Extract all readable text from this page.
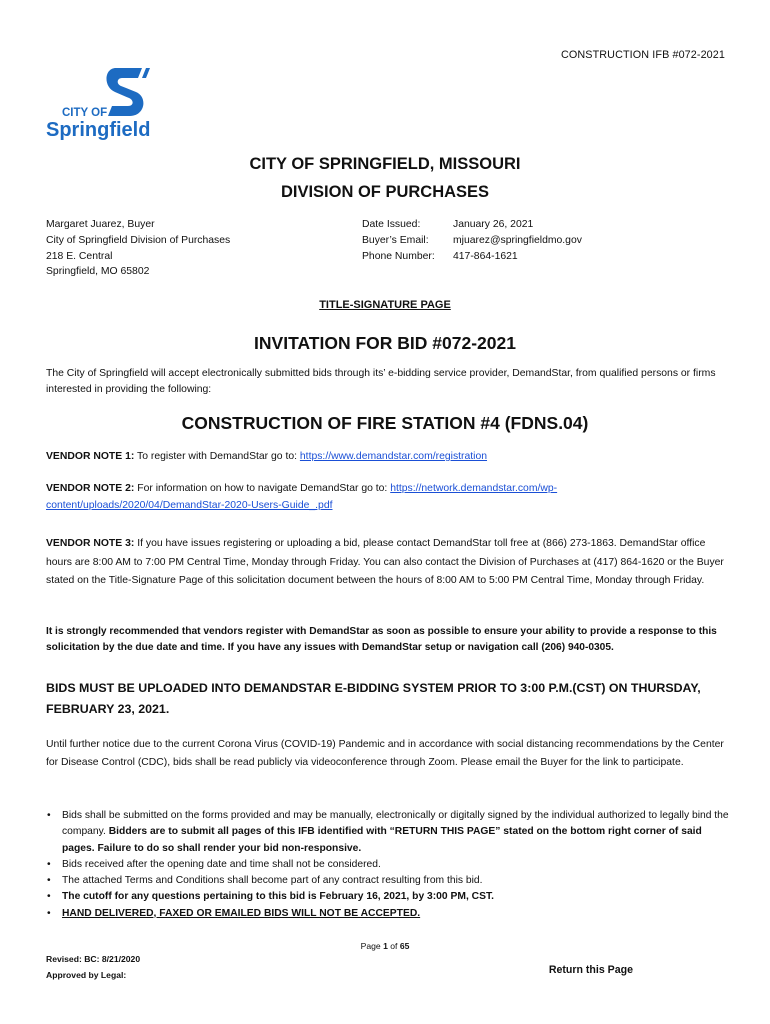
CONSTRUCTION IFB #072-2021
CITY OF
Springfield
CITY OF SPRINGFIELD, MISSOURI
DIVISION OF PURCHASES
Margaret Juarez, Buyer
City of Springfield Division of Purchases
218 E. Central
Springfield, MO 65802
Date Issued:	January 26, 2021
Buyer’s Email:	mjuarez@springfieldmo.gov
Phone Number:	417-864-1621
TITLE-SIGNATURE PAGE
INVITATION FOR BID #072-2021
The City of Springfield will accept electronically submitted bids through its’ e-bidding service provider, DemandStar, from qualified persons or firms interested in providing the following:
CONSTRUCTION OF FIRE STATION #4 (FDNS.04)
VENDOR NOTE 1: To register with DemandStar go to: https://www.demandstar.com/registration
VENDOR NOTE 2: For information on how to navigate DemandStar go to: https://network.demandstar.com/wp-content/uploads/2020/04/DemandStar-2020-Users-Guide_.pdf
VENDOR NOTE 3: If you have issues registering or uploading a bid, please contact DemandStar toll free at (866) 273-1863. DemandStar office hours are 8:00 AM to 7:00 PM Central Time, Monday through Friday. You can also contact the Division of Purchases at (417) 864-1620 or the Buyer stated on the Title-Signature Page of this solicitation document between the hours of 8:00 AM to 5:00 PM Central Time, Monday through Friday.
It is strongly recommended that vendors register with DemandStar as soon as possible to ensure your ability to provide a response to this solicitation by the due date and time. If you have any issues with DemandStar setup or navigation call (206) 940-0305.
BIDS MUST BE UPLOADED INTO DEMANDSTAR E-BIDDING SYSTEM PRIOR TO 3:00 P.M.(CST) ON THURSDAY, FEBRUARY 23, 2021.
Until further notice due to the current Corona Virus (COVID-19) Pandemic and in accordance with social distancing recommendations by the Center for Disease Control (CDC), bids shall be read publicly via videoconference through Zoom. Please email the Buyer for the link to participate.
• Bids shall be submitted on the forms provided and may be manually, electronically or digitally signed by the individual authorized to legally bind the company. Bidders are to submit all pages of this IFB identified with “RETURN THIS PAGE” stated on the bottom right corner of said pages. Failure to do so shall render your bid non-responsive.
• Bids received after the opening date and time shall not be considered.
• The attached Terms and Conditions shall become part of any contract resulting from this bid.
• The cutoff for any questions pertaining to this bid is February 16, 2021, by 3:00 PM, CST.
• HAND DELIVERED, FAXED OR EMAILED BIDS WILL NOT BE ACCEPTED.
Page 1 of 65
Revised: BC: 8/21/2020
Approved by Legal:	Return this Page
